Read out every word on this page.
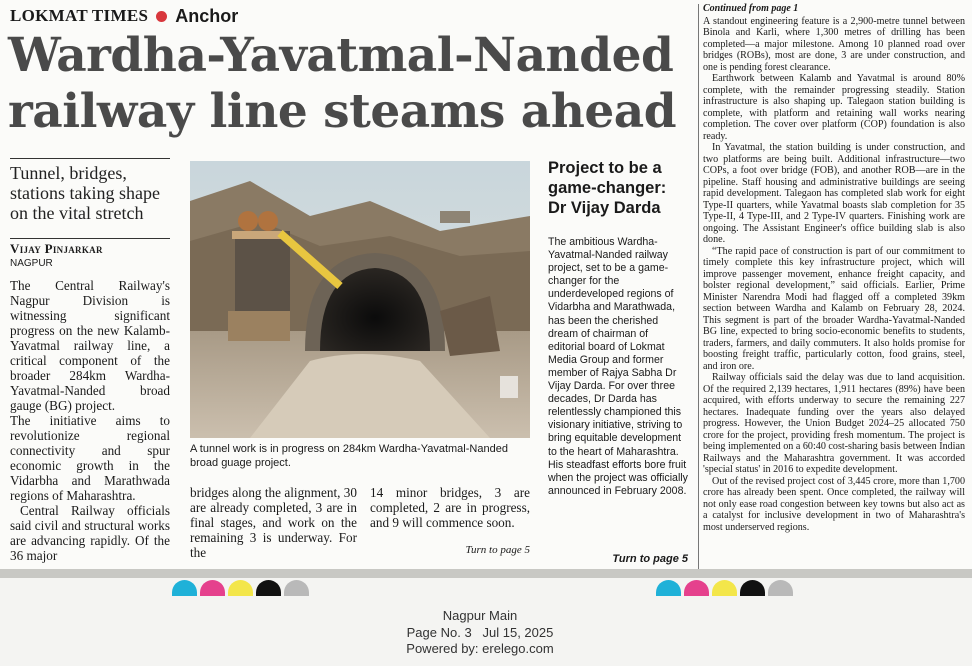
LOKMAT TIMES Anchor
Wardha-Yavatmal-Nanded
railway line steams ahead
Tunnel, bridges, stations taking shape on the vital stretch
Vijay Pinjarkar
NAGPUR

The Central Railway's Nagpur Division is witnessing significant progress on the new Kalamb-Yavatmal railway line, a critical component of the broader 284km Wardha-Yavatmal-Nanded broad gauge (BG) project.

The initiative aims to revolutionize regional connectivity and spur economic growth in the Vidarbha and Marathwada regions of Maharashtra.

Central Railway officials said civil and structural works are advancing rapidly. Of the 36 major

A tunnel work is in progress on 284km Wardha-Yavatmal-Nanded broad guage project.
bridges along the alignment, 30 are already completed, 3 are in final stages, and work on the remaining 3 is underway. For the
14 minor bridges, 3 are completed, 2 are in progress, and 9 will commence soon.
Turn to page 5
Project to be a game-changer: Dr Vijay Darda
The ambitious Wardha-Yavatmal-Nanded railway project, set to be a game-changer for the underdeveloped regions of Vidarbha and Marathwada, has been the cherished dream of chairman of editorial board of Lokmat Media Group and former member of Rajya Sabha Dr Vijay Darda. For over three decades, Dr Darda has relentlessly championed this visionary initiative, striving to bring equitable development to the heart of Maharashtra. His steadfast efforts bore fruit when the project was officially announced in February 2008.
Turn to page 5
Continued from page 1

A standout engineering feature is a 2,900-metre tunnel between Binola and Karli, where 1,300 metres of drilling has been completed—a major milestone. Among 10 planned road over bridges (ROBs), most are done, 3 are under construction, and one is pending forest clearance.

Earthwork between Kalamb and Yavatmal is around 80% complete, with the remainder progressing steadily. Station infrastructure is also shaping up. Talegaon station building is complete, with platform and retaining wall works nearing completion. The cover over platform (COP) foundation is also ready.

In Yavatmal, the station building is under construction, and two platforms are being built. Additional infrastructure—two COPs, a foot over bridge (FOB), and another ROB—are in the pipeline. Staff housing and administrative buildings are seeing rapid development. Talegaon has completed slab work for eight Type-II quarters, while Yavatmal boasts slab completion for 35 Type-II, 4 Type-III, and 2 Type-IV quarters. Finishing work are ongoing. The Assistant Engineer's office building slab is also done.

“The rapid pace of construction is part of our commitment to timely complete this key infrastructure project, which will improve passenger movement, enhance freight capacity, and bolster regional development,” said officials. Earlier, Prime Minister Narendra Modi had flagged off a completed 39km section between Wardha and Kalamb on February 28, 2024. This segment is part of the broader Wardha-Yavatmal-Nanded BG line, expected to bring socio-economic benefits to students, traders, farmers, and daily commuters. It also holds promise for boosting freight traffic, particularly cotton, food grains, steel, and iron ore.

Railway officials said the delay was due to land acquisition. Of the required 2,139 hectares, 1,911 hectares (89%) have been acquired, with efforts underway to secure the remaining 227 hectares. Inadequate funding over the years also delayed progress. However, the Union Budget 2024–25 allocated 750 crore for the project, providing fresh momentum. The project is being implemented on a 60:40 cost-sharing basis between Indian Railways and the Maharashtra government. It was accorded 'special status' in 2016 to expedite development.

Out of the revised project cost of 3,445 crore, more than 1,700 crore has already been spent. Once completed, the railway will not only ease road congestion between key towns but also act as a catalyst for inclusive development in two of Maharashtra's most underserved regions.

Nagpur Main
Page No. 3 Jul 15, 2025
Powered by: erelego.com
